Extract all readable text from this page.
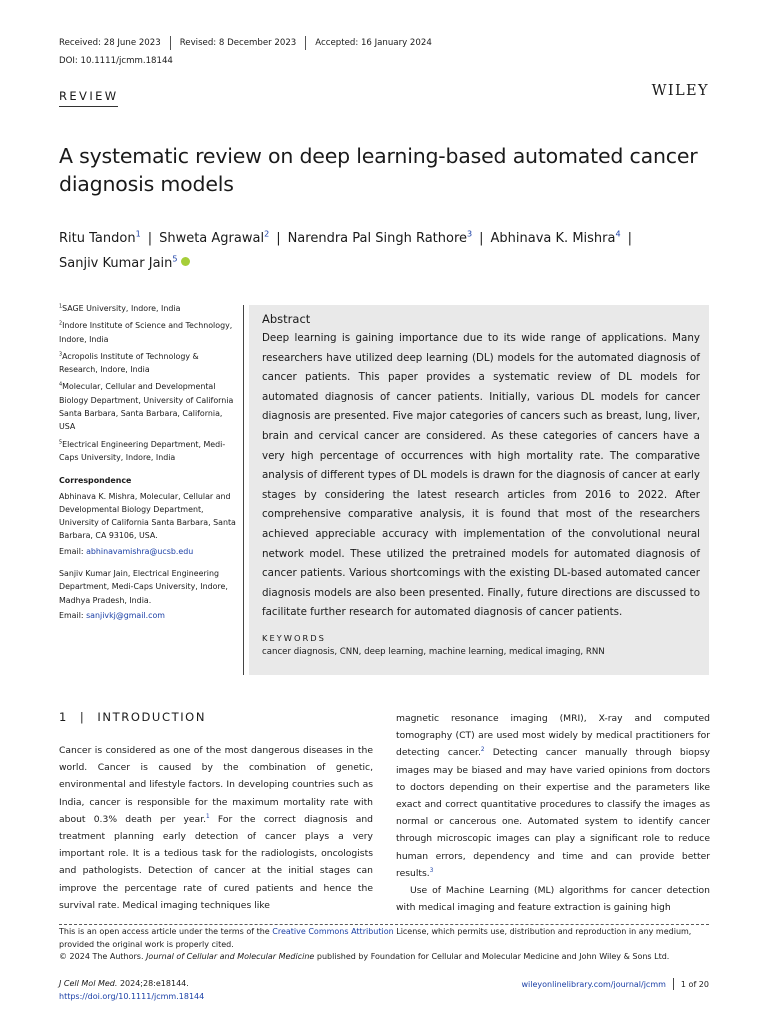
Received: 28 June 2023 Revised: 8 December 2023 Accepted: 16 January 2024
DOI: 10.1111/jcmm.18144
REVIEW	WILEY
A systematic review on deep learning-based automated cancer diagnosis models
Ritu Tandon$^1$ | Shweta Agrawal$^2$ | Narendra Pal Singh Rathore$^3$ | Abhinava K. Mishra$^4$ |
Sanjiv Kumar Jain$^5$

$^1$SAGE University, Indore, India

$^2$Indore Institute of Science and Technology, Indore, India

$^3$Acropolis Institute of Technology & Research, Indore, India

$^4$Molecular, Cellular and Developmental Biology Department, University of California Santa Barbara, Santa Barbara, California, USA

$^5$Electrical Engineering Department, Medi-Caps University, Indore, India

Correspondence

Abhinava K. Mishra, Molecular, Cellular and Developmental Biology Department, University of California Santa Barbara, Santa Barbara, CA 93106, USA.

Email: abhinavamishra@ucsb.edu

Sanjiv Kumar Jain, Electrical Engineering Department, Medi-Caps University, Indore, Madhya Pradesh, India.

Email: sanjivkj@gmail.com

Abstract

Deep learning is gaining importance due to its wide range of applications. Many researchers have utilized deep learning (DL) models for the automated diagnosis of cancer patients. This paper provides a systematic review of DL models for automated diagnosis of cancer patients. Initially, various DL models for cancer diagnosis are presented. Five major categories of cancers such as breast, lung, liver, brain and cervical cancer are considered. As these categories of cancers have a very high percentage of occurrences with high mortality rate. The comparative analysis of different types of DL models is drawn for the diagnosis of cancer at early stages by considering the latest research articles from 2016 to 2022. After comprehensive comparative analysis, it is found that most of the researchers achieved appreciable accuracy with implementation of the convolutional neural network model. These utilized the pretrained models for automated diagnosis of cancer patients. Various shortcomings with the existing DL-based automated cancer diagnosis models are also been presented. Finally, future directions are discussed to facilitate further research for automated diagnosis of cancer patients.

KEYWORDS
cancer diagnosis, CNN, deep learning, machine learning, medical imaging, RNN
1 | INTRODUCTION

Cancer is considered as one of the most dangerous diseases in the world. Cancer is caused by the combination of genetic, environmental and lifestyle factors. In developing countries such as India, cancer is responsible for the maximum mortality rate with about 0.3% death per year.$^1$ For the correct diagnosis and treatment planning early detection of cancer plays a very important role. It is a tedious task for the radiologists, oncologists and pathologists. Detection of cancer at the initial stages can improve the percentage rate of cured patients and hence the survival rate. Medical imaging techniques like

magnetic resonance imaging (MRI), X-ray and computed tomography (CT) are used most widely by medical practitioners for detecting cancer.$^2$ Detecting cancer manually through biopsy images may be biased and may have varied opinions from doctors to doctors depending on their expertise and the parameters like exact and correct quantitative procedures to classify the images as normal or cancerous one. Automated system to identify cancer through microscopic images can play a significant role to reduce human errors, dependency and time and can provide better results.$^3$

Use of Machine Learning (ML) algorithms for cancer detection with medical imaging and feature extraction is gaining high

This is an open access article under the terms of the Creative Commons Attribution License, which permits use, distribution and reproduction in any medium, provided the original work is properly cited.
© 2024 The Authors. Journal of Cellular and Molecular Medicine published by Foundation for Cellular and Molecular Medicine and John Wiley & Sons Ltd.
J Cell Mol Med. 2024;28:e18144.
https://doi.org/10.1111/jcmm.18144
wileyonlinelibrary.com/journal/jcmm 1 of 20
